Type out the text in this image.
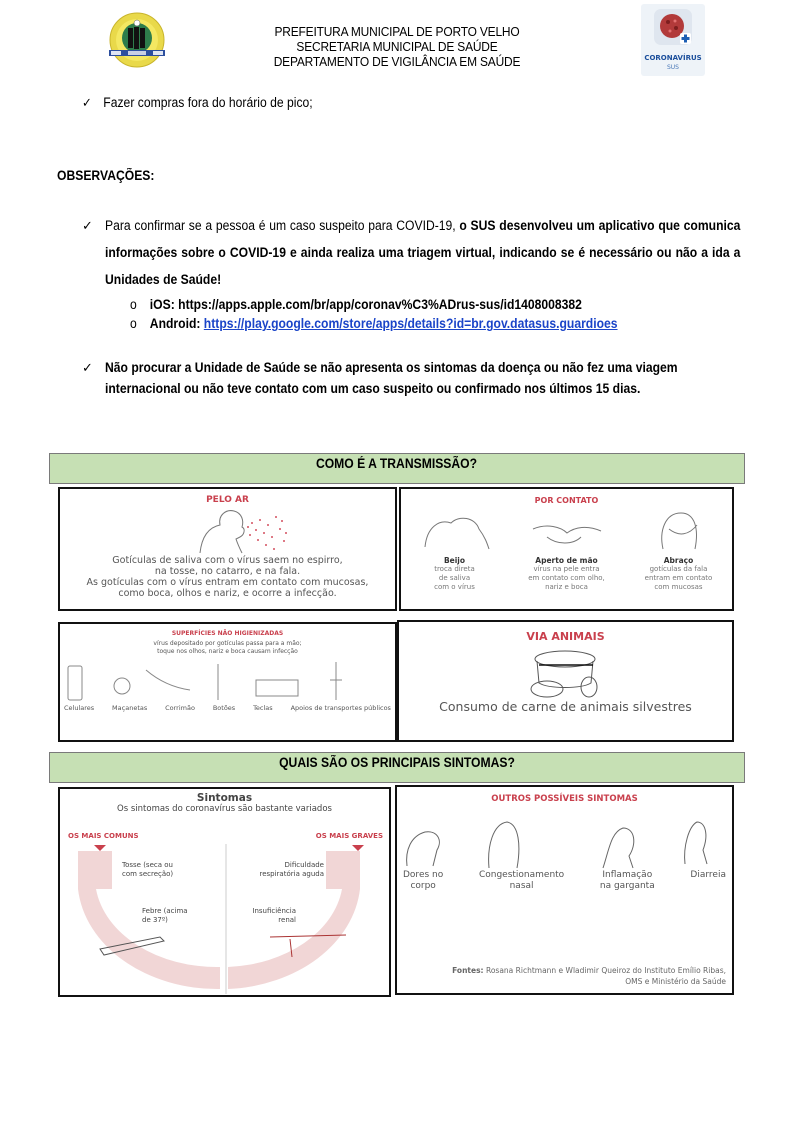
PREFEITURA MUNICIPAL DE PORTO VELHO
SECRETARIA MUNICIPAL DE SAÚDE
DEPARTAMENTO DE VIGILÂNCIA EM SAÚDE	CORONAVÍRUS
SUS
✓ Fazer compras fora do horário de pico;
OBSERVAÇÕES:
✓ Para confirmar se a pessoa é um caso suspeito para COVID-19, o SUS desenvolveu um aplicativo que comunica informações sobre o COVID-19 e ainda realiza uma triagem virtual, indicando se é necessário ou não a ida a Unidades de Saúde!
o iOS: https://apps.apple.com/br/app/coronav%C3%ADrus-sus/id1408008382
o Android: https://play.google.com/store/apps/details?id=br.gov.datasus.guardioes
✓ Não procurar a Unidade de Saúde se não apresenta os sintomas da doença ou não fez uma viagem internacional ou não teve contato com um caso suspeito ou confirmado nos últimos 15 dias.
COMO É A TRANSMISSÃO?
PELO AR
Gotículas de saliva com o vírus saem no espirro,
na tosse, no catarro, e na fala.
As gotículas com o vírus entram em contato com mucosas,
como boca, olhos e nariz, e ocorre a infecção.
POR CONTATO
Beijo
troca direta
de saliva
com o vírus
Aperto de mão
vírus na pele entra
em contato com olho,
nariz e boca
Abraço
gotículas da fala
entram em contato
com mucosas
SUPERFÍCIES NÃO HIGIENIZADAS
vírus depositado por gotículas passa para a mão;
toque nos olhos, nariz e boca causam infecção
Celulares	Maçanetas	Corrimão	Botões	Teclas	Apoios de transportes públicos
VIA ANIMAIS
Consumo de carne de animais silvestres
QUAIS SÃO OS PRINCIPAIS SINTOMAS?
Sintomas
Os sintomas do coronavírus são bastante variados
OS MAIS COMUNS	OS MAIS GRAVES
Tosse (seca ou
com secreção)
Febre (acima
de 37º)
Dificuldade
respiratória aguda
Insuficiência
renal
OUTROS POSSÍVEIS SINTOMAS
Dores no
corpo
Congestionamento
nasal
Inflamação
na garganta
Diarreia
Fontes: Rosana Richtmann e Wladimir Queiroz do Instituto Emílio Ribas,
OMS e Ministério da Saúde
